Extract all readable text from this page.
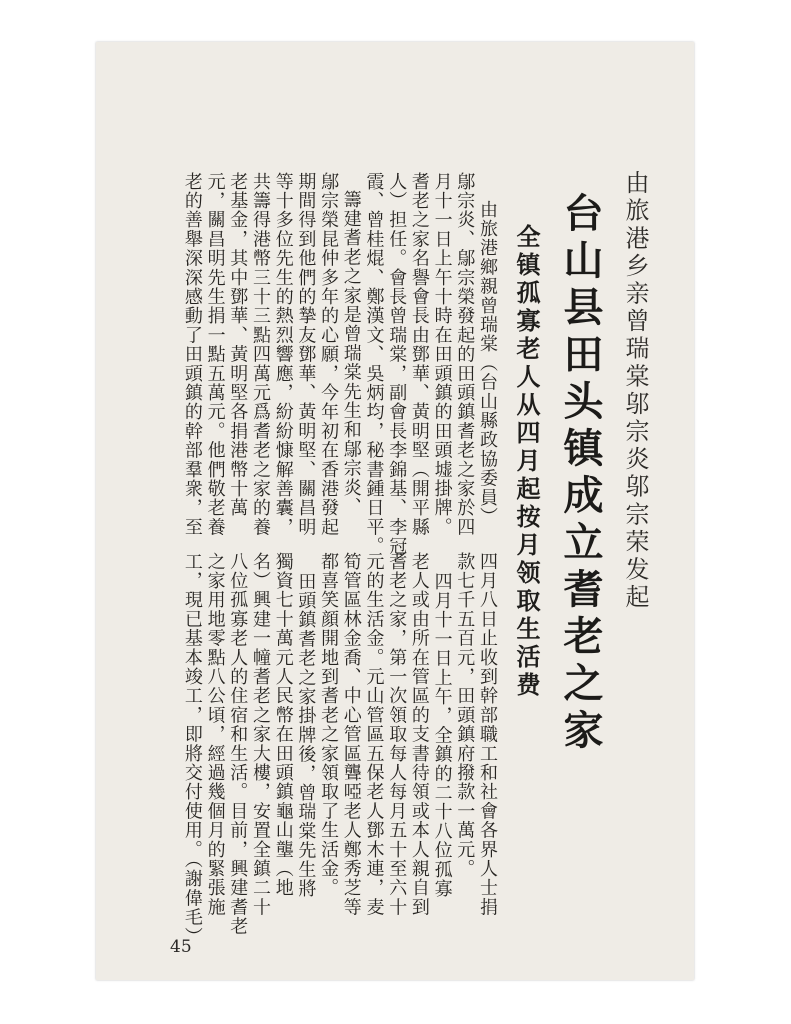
由旅港乡亲曾瑞棠邬宗炎邬宗荣发起
台山县田头镇成立耆老之家
全镇孤寡老人从四月起按月领取生活费
由旅港鄉親曾瑞棠（台山縣政協委員）
鄔宗炎、鄔宗榮發起的田頭鎮耆老之家於四
月十一日上午十時在田頭鎮的田頭墟掛牌。
耆老之家名譽會長由鄧華、黃明堅（開平縣
人）担任。會長曾瑞棠，副會長李錦基、李冠
霞、曾桂焜、鄭漢文、吳炳均，秘書鍾日平。
籌建耆老之家是曾瑞棠先生和鄔宗炎、
鄔宗榮昆仲多年的心願，今年初在香港發起
期間得到他們的摯友鄧華、黃明堅、關昌明
等十多位先生的熱烈響應，紛紛慷解善囊，
共籌得港幣三十三點四萬元爲耆老之家的養
老基金，其中鄧華、黃明堅各捐港幣十萬
元，關昌明先生捐一點五萬元。他們敬老養
老的善舉深深感動了田頭鎮的幹部羣衆，至
四月八日止收到幹部職工和社會各界人士捐
款七千五百元，田頭鎮府撥款一萬元。
四月十一日上午，全鎮的二十八位孤寡
老人或由所在管區的支書待領或本人親自到
耆老之家，第一次領取每人每月五十至六十
元的生活金。元山管區五保老人鄧木連，麦
筍管區林金喬、中心管區聾啞老人鄭秀芝等
都喜笑顔開地到耆老之家領取了生活金。
田頭鎮耆老之家掛牌後，曾瑞棠先生將
獨資七十萬元人民幣在田頭鎮龜山壟（地
名）興建一幢耆老之家大樓，安置全鎮二十
八位孤寡老人的住宿和生活。目前，興建耆老
之家用地零點八公頃，經過幾個月的緊張施
工，現已基本竣工，即將交付使用。（謝偉毛）
45
